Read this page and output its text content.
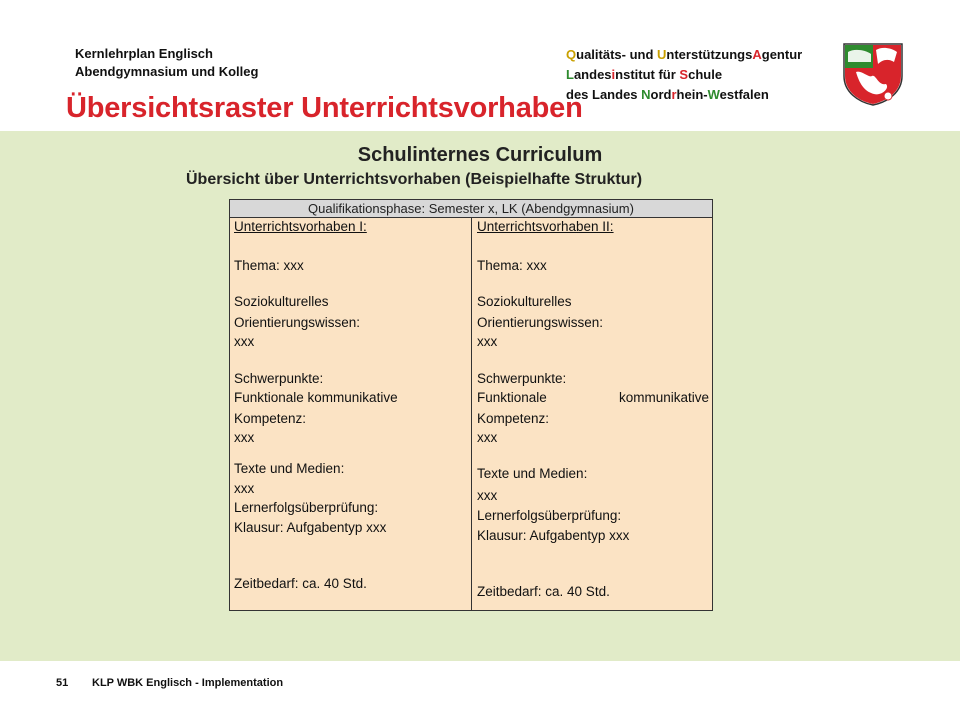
Kernlehrplan Englisch
Abendgymnasium und Kolleg
Qualitäts- und UnterstützungsAgentur
Landesinstitut für Schule
des Landes Nordrhein-Westfalen
Übersichtsraster Unterrichtsvorhaben
Schulinternes Curriculum
Übersicht über Unterrichtsvorhaben (Beispielhafte Struktur)
Qualifikationsphase: Semester x, LK (Abendgymnasium)
Unterrichtsvorhaben I:
Thema: xxx
Soziokulturelles
Orientierungswissen:
xxx
Schwerpunkte:
Funktionale kommunikative
Kompetenz:
xxx
Texte und Medien:
xxx
Lernerfolgsüberprüfung:
Klausur: Aufgabentyp xxx
Zeitbedarf: ca. 40 Std.
Unterrichtsvorhaben II:
Thema: xxx
Soziokulturelles
Orientierungswissen:
xxx
Schwerpunkte:
Funktionale	kommunikative
Kompetenz:
xxx
Texte und Medien:
xxx
Lernerfolgsüberprüfung:
Klausur: Aufgabentyp xxx
Zeitbedarf: ca. 40 Std.
51 KLP WBK Englisch - Implementation
